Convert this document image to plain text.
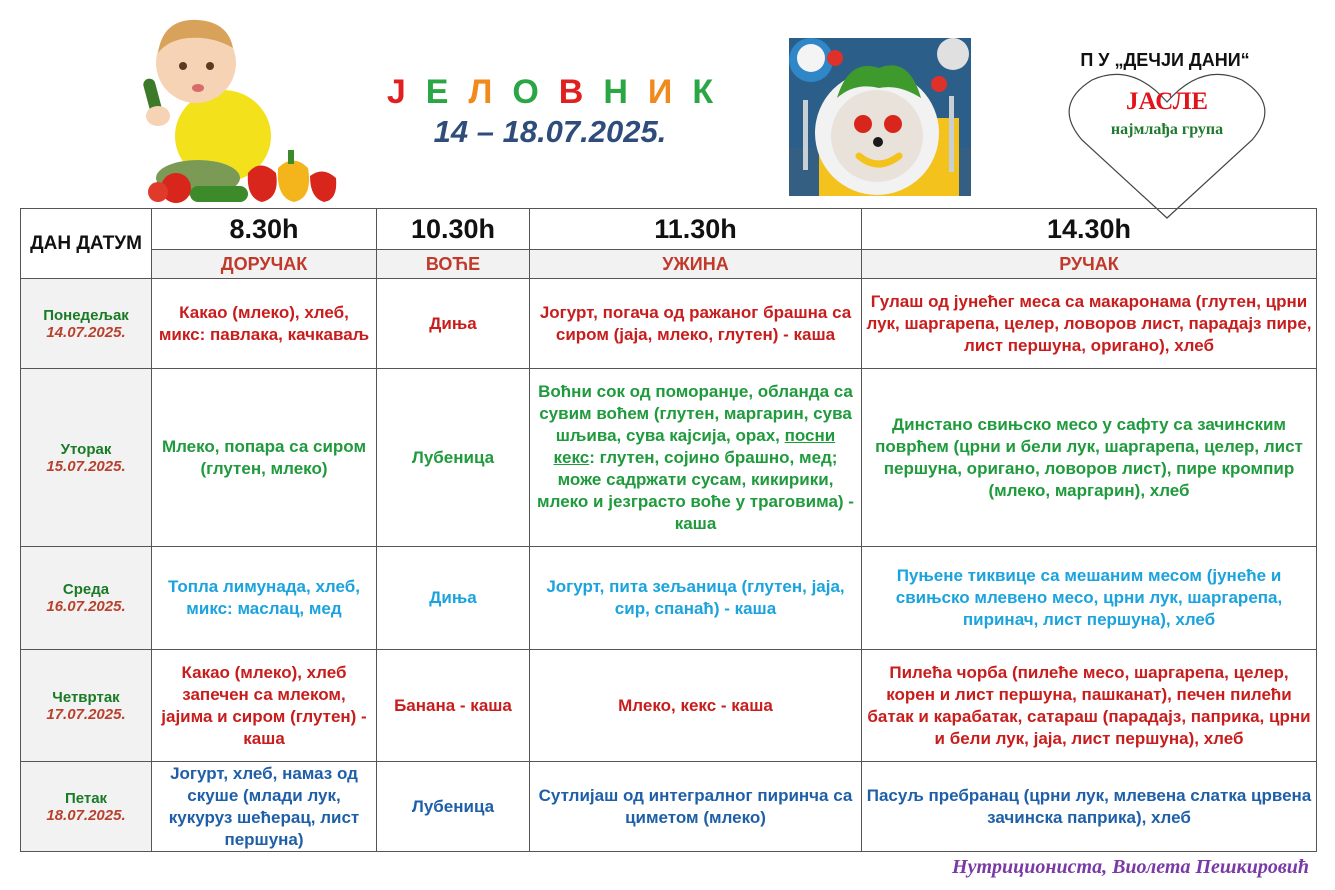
Ј Е Л О В Н И К
14 – 18.07.2025.
П У „ДЕЧЈИ ДАНИ“
ЈАСЛЕ
најмлађа група
ДАН ДАТУМ	8.30h	10.30h	11.30h	14.30h
	ДОРУЧАК	ВОЋЕ	УЖИНА	РУЧАК

Понедељак
14.07.2025.	Какао (млеко), хлеб, микс: павлака, качкаваљ	Диња	Јогурт, погача од ражаног брашна са сиром (јаја, млеко, глутен) - каша	Гулаш од јунећег меса са макаронама (глутен, црни лук, шаргарепа, целер, ловоров лист, парадајз пире, лист першуна, оригано), хлеб

Уторак
15.07.2025.	Млеко, попара са сиром (глутен, млеко)	Лубеница	Воћни сок од поморанџе, обланда са сувим воћем (глутен, маргарин, сува шљива, сува кајсија, орах, посни кекс: глутен, сојино брашно, мед; може садржати сусам, кикирики, млеко и језграсто воће у траговима) - каша	Динстано свињско месо у сафту са зачинским поврћем (црни и бели лук, шаргарепа, целер, лист першуна, оригано, ловоров лист), пире кромпир (млеко, маргарин), хлеб

Среда
16.07.2025.	Топла лимунада, хлеб, микс: маслац, мед	Диња	Јогурт, пита зељаница (глутен, јаја, сир, спанаћ) - каша	Пуњене тиквице са мешаним месом (јунеће и свињско млевено месо, црни лук, шаргарепа, пиринач, лист першуна), хлеб

Четвртак
17.07.2025.	Какао (млеко), хлеб запечен са млеком, јајима и сиром (глутен) - каша	Банана - каша	Млеко, кекс - каша	Пилећа чорба (пилеће месо, шаргарепа, целер, корен и лист першуна, пашканат), печен пилећи батак и карабатак, сатараш (парадајз, паприка, црни и бели лук, јаја, лист першуна), хлеб

Петак
18.07.2025.	Јогурт, хлеб, намаз од скуше (млади лук, кукуруз шећерац, лист першуна)	Лубеница	Сутлијаш од интегралног пиринча са циметом (млеко)	Пасуљ пребранац (црни лук, млевена слатка црвена зачинска паприка), хлеб
Нутрициониста, Виолета Пешкировић
